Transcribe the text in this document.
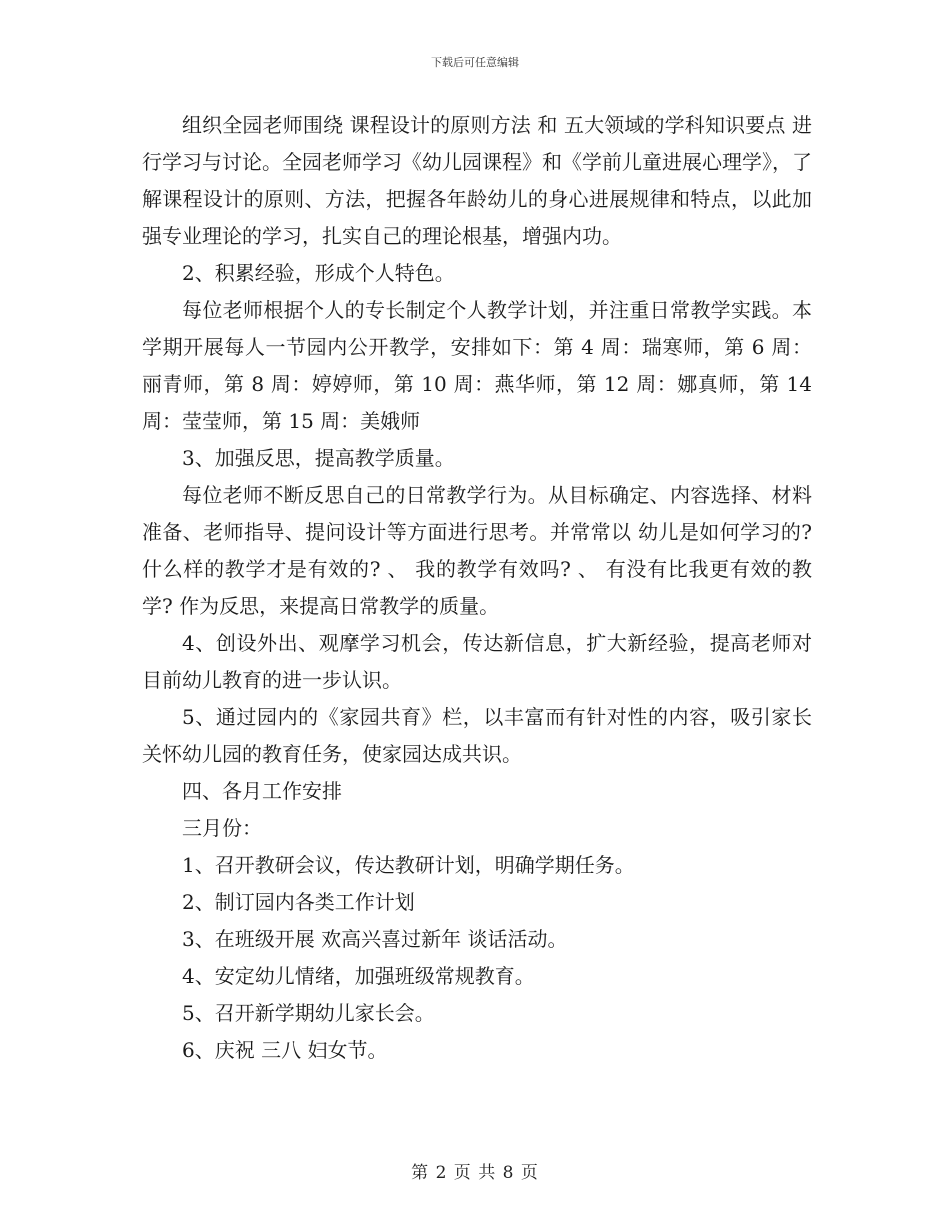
下载后可任意编辑

组织全园老师围绕 课程设计的原则方法 和 五大领域的学科知识要点 进行学习与讨论。全园老师学习《幼儿园课程》和《学前儿童进展心理学》，了解课程设计的原则、方法，把握各年龄幼儿的身心进展规律和特点，以此加强专业理论的学习，扎实自己的理论根基，增强内功。

2、积累经验，形成个人特色。

每位老师根据个人的专长制定个人教学计划，并注重日常教学实践。本学期开展每人一节园内公开教学，安排如下：第 4 周：瑞寒师，第 6 周：丽青师，第 8 周：婷婷师，第 10 周：燕华师，第 12 周：娜真师，第 14 周：莹莹师，第 15 周：美娥师

3、加强反思，提高教学质量。

每位老师不断反思自己的日常教学行为。从目标确定、内容选择、材料准备、老师指导、提问设计等方面进行思考。并常常以 幼儿是如何学习的? 什么样的教学才是有效的? 、 我的教学有效吗? 、 有没有比我更有效的教学? 作为反思，来提高日常教学的质量。

4、创设外出、观摩学习机会，传达新信息，扩大新经验，提高老师对目前幼儿教育的进一步认识。

5、通过园内的《家园共育》栏，以丰富而有针对性的内容，吸引家长关怀幼儿园的教育任务，使家园达成共识。

四、各月工作安排

三月份：

1、召开教研会议，传达教研计划，明确学期任务。

2、制订园内各类工作计划

3、在班级开展 欢高兴喜过新年 谈话活动。

4、安定幼儿情绪，加强班级常规教育。

5、召开新学期幼儿家长会。

6、庆祝 三八 妇女节。

第 2 页 共 8 页
